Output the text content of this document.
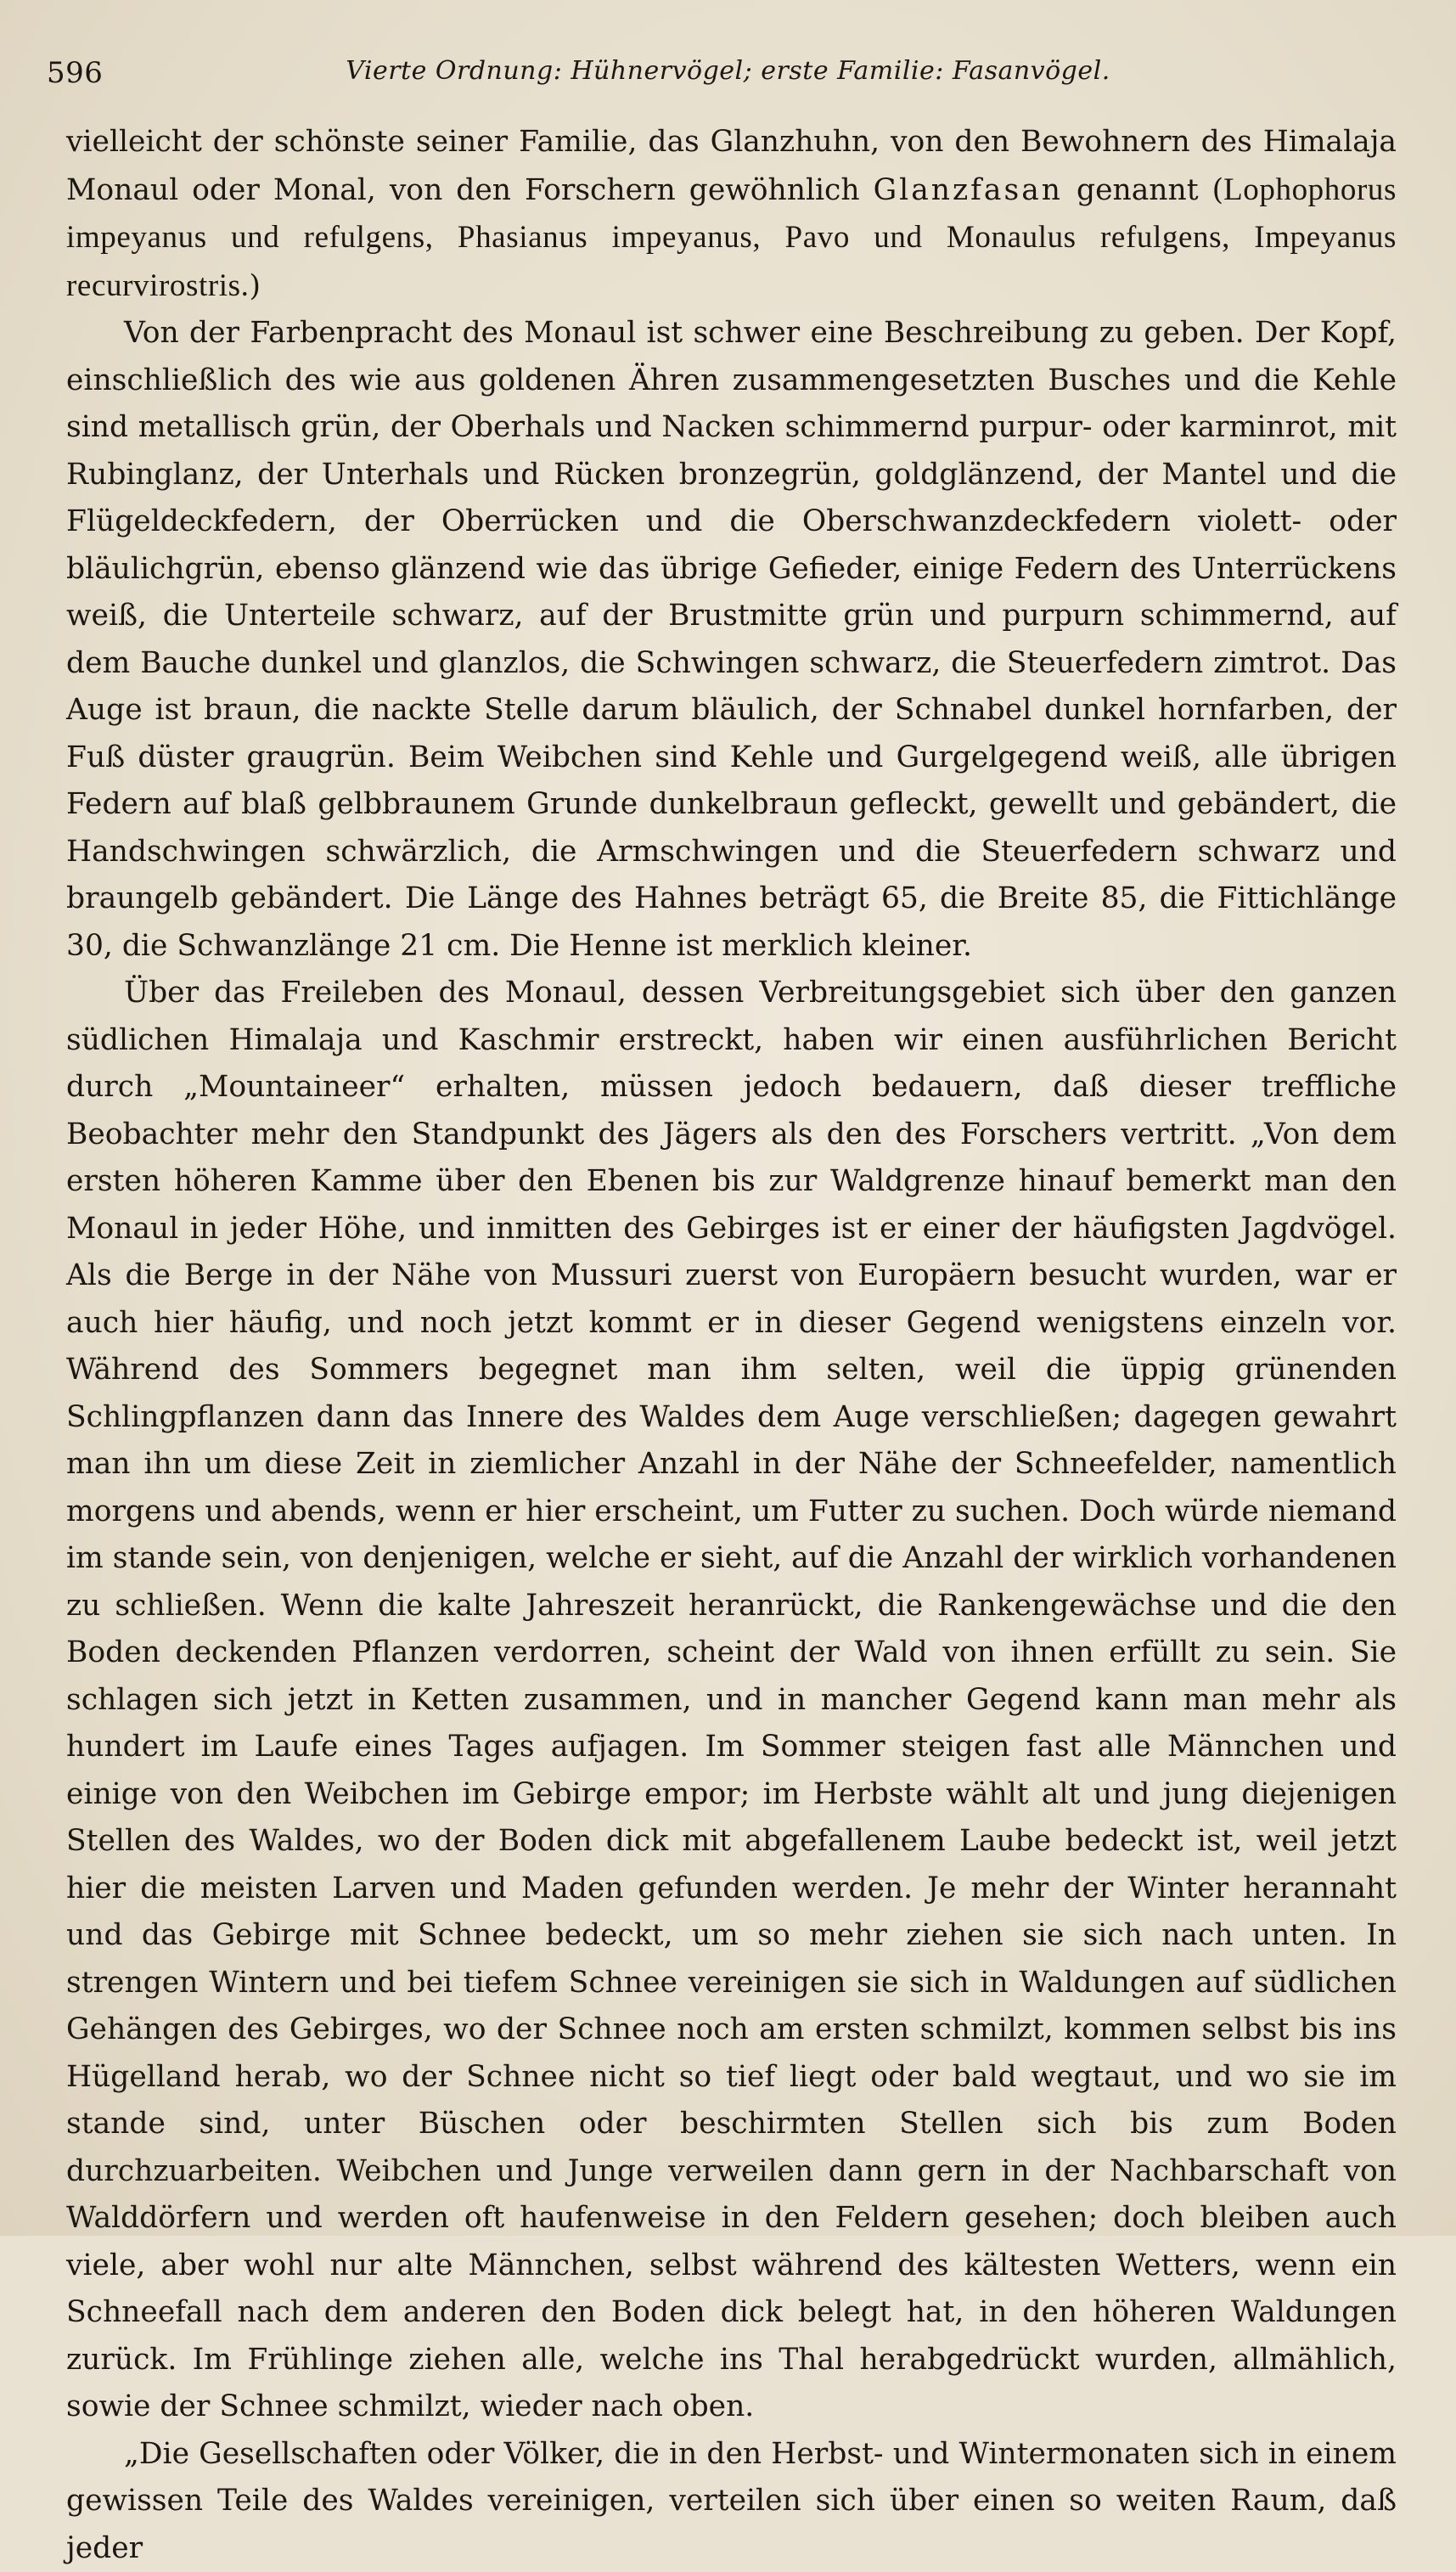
596	Vierte Ordnung: Hühnervögel; erste Familie: Fasanvögel.

vielleicht der schönste seiner Familie, das Glanzhuhn, von den Bewohnern des Himalaja Monaul oder Monal, von den Forschern gewöhnlich Glanzfasan genannt (Lophophorus impeyanus und refulgens, Phasianus impeyanus, Pavo und Monaulus refulgens, Impeyanus recurvirostris.)

Von der Farbenpracht des Monaul ist schwer eine Beschreibung zu geben. Der Kopf, einschließlich des wie aus goldenen Ähren zusammengesetzten Busches und die Kehle sind metallisch grün, der Oberhals und Nacken schimmernd purpur- oder karminrot, mit Rubinglanz, der Unterhals und Rücken bronzegrün, goldglänzend, der Mantel und die Flügeldeckfedern, der Oberrücken und die Oberschwanzdeckfedern violett- oder bläulichgrün, ebenso glänzend wie das übrige Gefieder, einige Federn des Unterrückens weiß, die Unterteile schwarz, auf der Brustmitte grün und purpurn schimmernd, auf dem Bauche dunkel und glanzlos, die Schwingen schwarz, die Steuerfedern zimtrot. Das Auge ist braun, die nackte Stelle darum bläulich, der Schnabel dunkel hornfarben, der Fuß düster graugrün. Beim Weibchen sind Kehle und Gurgelgegend weiß, alle übrigen Federn auf blaß gelbbraunem Grunde dunkelbraun gefleckt, gewellt und gebändert, die Handschwingen schwärzlich, die Armschwingen und die Steuerfedern schwarz und braungelb gebändert. Die Länge des Hahnes beträgt 65, die Breite 85, die Fittichlänge 30, die Schwanzlänge 21 cm. Die Henne ist merklich kleiner.

Über das Freileben des Monaul, dessen Verbreitungsgebiet sich über den ganzen südlichen Himalaja und Kaschmir erstreckt, haben wir einen ausführlichen Bericht durch „Mountaineer“ erhalten, müssen jedoch bedauern, daß dieser treffliche Beobachter mehr den Standpunkt des Jägers als den des Forschers vertritt. „Von dem ersten höheren Kamme über den Ebenen bis zur Waldgrenze hinauf bemerkt man den Monaul in jeder Höhe, und inmitten des Gebirges ist er einer der häufigsten Jagdvögel. Als die Berge in der Nähe von Mussuri zuerst von Europäern besucht wurden, war er auch hier häufig, und noch jetzt kommt er in dieser Gegend wenigstens einzeln vor. Während des Sommers begegnet man ihm selten, weil die üppig grünenden Schlingpflanzen dann das Innere des Waldes dem Auge verschließen; dagegen gewahrt man ihn um diese Zeit in ziemlicher Anzahl in der Nähe der Schneefelder, namentlich morgens und abends, wenn er hier erscheint, um Futter zu suchen. Doch würde niemand im stande sein, von denjenigen, welche er sieht, auf die Anzahl der wirklich vorhandenen zu schließen. Wenn die kalte Jahreszeit heranrückt, die Rankengewächse und die den Boden deckenden Pflanzen verdorren, scheint der Wald von ihnen erfüllt zu sein. Sie schlagen sich jetzt in Ketten zusammen, und in mancher Gegend kann man mehr als hundert im Laufe eines Tages aufjagen. Im Sommer steigen fast alle Männchen und einige von den Weibchen im Gebirge empor; im Herbste wählt alt und jung diejenigen Stellen des Waldes, wo der Boden dick mit abgefallenem Laube bedeckt ist, weil jetzt hier die meisten Larven und Maden gefunden werden. Je mehr der Winter herannaht und das Gebirge mit Schnee bedeckt, um so mehr ziehen sie sich nach unten. In strengen Wintern und bei tiefem Schnee vereinigen sie sich in Waldungen auf südlichen Gehängen des Gebirges, wo der Schnee noch am ersten schmilzt, kommen selbst bis ins Hügelland herab, wo der Schnee nicht so tief liegt oder bald wegtaut, und wo sie im stande sind, unter Büschen oder beschirmten Stellen sich bis zum Boden durchzuarbeiten. Weibchen und Junge verweilen dann gern in der Nachbarschaft von Walddörfern und werden oft haufenweise in den Feldern gesehen; doch bleiben auch viele, aber wohl nur alte Männchen, selbst während des kältesten Wetters, wenn ein Schneefall nach dem anderen den Boden dick belegt hat, in den höheren Waldungen zurück. Im Frühlinge ziehen alle, welche ins Thal herabgedrückt wurden, allmählich, sowie der Schnee schmilzt, wieder nach oben.

„Die Gesellschaften oder Völker, die in den Herbst- und Wintermonaten sich in einem gewissen Teile des Waldes vereinigen, verteilen sich über einen so weiten Raum, daß jeder
